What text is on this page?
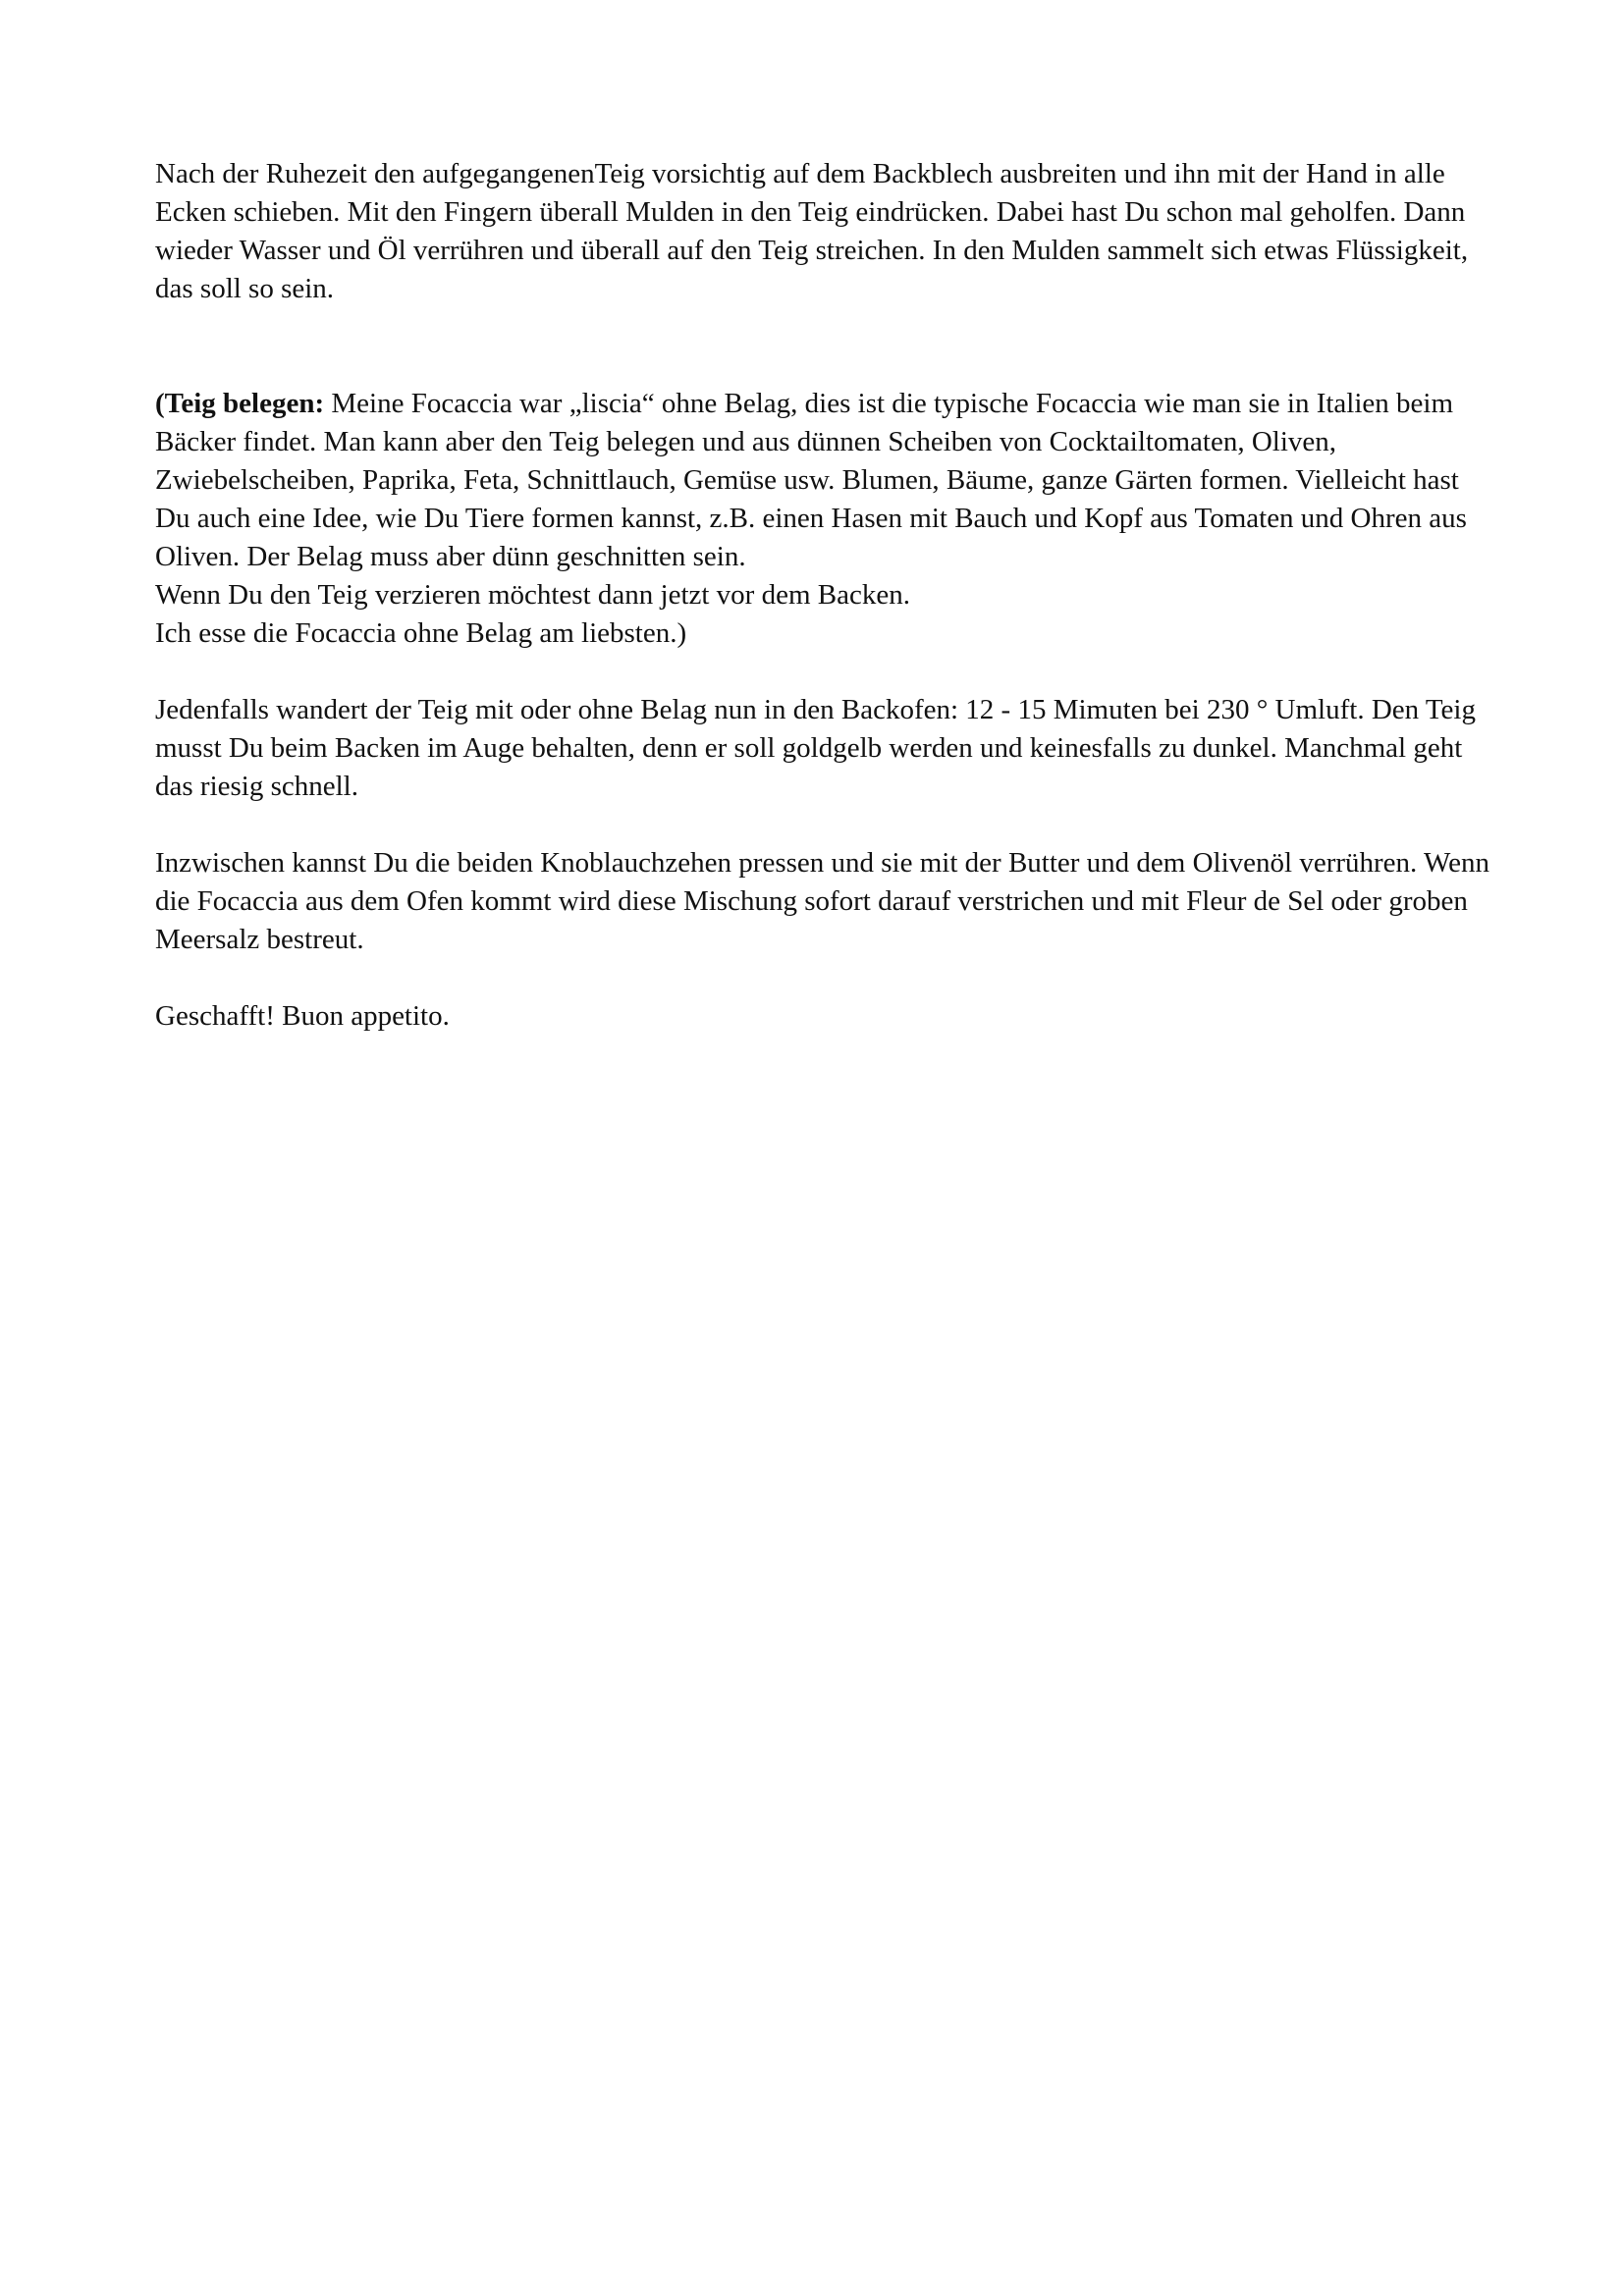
Nach der Ruhezeit den aufgegangenenTeig vorsichtig auf dem Backblech ausbreiten und ihn mit der Hand in alle Ecken schieben. Mit den Fingern überall Mulden in den Teig eindrücken. Dabei hast Du schon mal geholfen. Dann wieder Wasser und Öl verrühren und überall auf den Teig streichen. In den Mulden sammelt sich etwas Flüssigkeit, das soll so sein.

(Teig belegen: Meine Focaccia war „liscia“ ohne Belag, dies ist die typische Focaccia wie man sie in Italien beim Bäcker findet. Man kann aber den Teig belegen und aus dünnen Scheiben von Cocktailtomaten, Oliven, Zwiebelscheiben, Paprika, Feta, Schnittlauch, Gemüse usw. Blumen, Bäume, ganze Gärten formen. Vielleicht hast Du auch eine Idee, wie Du Tiere formen kannst, z.B. einen Hasen mit Bauch und Kopf aus Tomaten und Ohren aus Oliven. Der Belag muss aber dünn geschnitten sein.

Wenn Du den Teig verzieren möchtest dann jetzt vor dem Backen.

Ich esse die Focaccia ohne Belag am liebsten.)

Jedenfalls wandert der Teig mit oder ohne Belag nun in den Backofen: 12 - 15 Mimuten bei 230 ° Umluft. Den Teig musst Du beim Backen im Auge behalten, denn er soll goldgelb werden und keinesfalls zu dunkel. Manchmal geht das riesig schnell.

Inzwischen kannst Du die beiden Knoblauchzehen pressen und sie mit der Butter und dem Olivenöl verrühren. Wenn die Focaccia aus dem Ofen kommt wird diese Mischung sofort darauf verstrichen und mit Fleur de Sel oder groben Meersalz bestreut.

Geschafft! Buon appetito.
